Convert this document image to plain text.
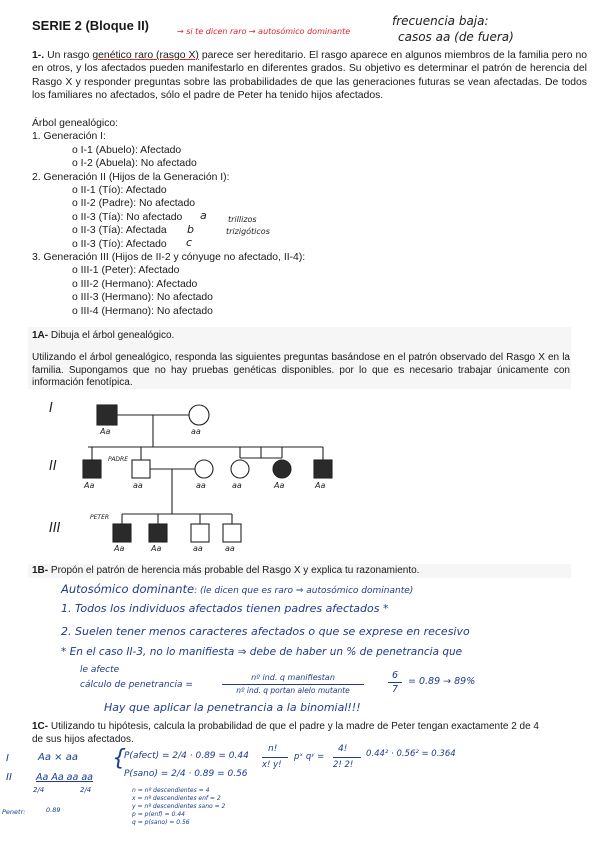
SERIE 2 (Bloque II)	→ si te dicen raro → autosómico dominante
frecuencia baja:
casos aa (de fuera)
1-. Un rasgo genético raro (rasgo X) parece ser hereditario. El rasgo aparece en algunos miembros de la familia pero no en otros, y los afectados pueden manifestarlo en diferentes grados. Su objetivo es determinar el patrón de herencia del Rasgo X y responder preguntas sobre las probabilidades de que las generaciones futuras se vean afectadas. De todos los familiares no afectados, sólo el padre de Peter ha tenido hijos afectados.
Árbol genealógico:
1. Generación I:
o I-1 (Abuelo): Afectado
o I-2 (Abuela): No afectado
2. Generación II (Hijos de la Generación I):
o II-1 (Tío): Afectado
o II-2 (Padre): No afectado
o II-3 (Tía): No afectado
o II-3 (Tía): Afectada
o II-3 (Tío): Afectado
3. Generación III (Hijos de II-2 y cónyuge no afectado, II-4):
o III-1 (Peter): Afectado
o III-2 (Hermano): Afectado
o III-3 (Hermano): No afectado
o III-4 (Hermano): No afectado
a
b
c
trillizos
trizigóticos
1A- Dibuja el árbol genealógico.
Utilizando el árbol genealógico, responda las siguientes preguntas basándose en el patrón observado del Rasgo X en la familia. Supongamos que no hay pruebas genéticas disponibles. por lo que es necesario trabajar únicamente con información fenotípica.
I
II
III
Aa	aa
PADRE
Aa	aa	aa	aa	Aa	Aa
PETER
Aa	Aa	aa	aa
1B- Propón el patrón de herencia más probable del Rasgo X y explica tu razonamiento.
Autosómico dominante: (le dicen que es raro ⇒ autosómico dominante)
1. Todos los individuos afectados tienen padres afectados *
2. Suelen tener menos caracteres afectados o que se exprese en recesivo
* En el caso II-3, no lo manifiesta ⇒ debe de haber un % de penetrancia que
le afecte
cálculo de penetrancia =
nº ind. q manifiestan
nº ind. q portan alelo mutante
6
7
= 0.89 → 89%
Hay que aplicar la penetrancia a la binomial!!!
1C- Utilizando tu hipótesis, calcula la probabilidad de que el padre y la madre de Peter tengan exactamente 2 de 4 de sus hijos afectados.
I	Aa × aa
II	Aa Aa aa aa
2/4	2/4
Penetr:	0.89
{
P(afect) = 2/4 · 0.89 = 0.44
P(sano) = 2/4 · 0.89 = 0.56
n = nº descendientes = 4
x = nº descendientes enf = 2
y = nº descendientes sano = 2
p = p(enf) = 0.44
q = p(sano) = 0.56
n!
x! y!
pˣ qʸ =
4!
2! 2!
0.44² · 0.56² = 0.364
